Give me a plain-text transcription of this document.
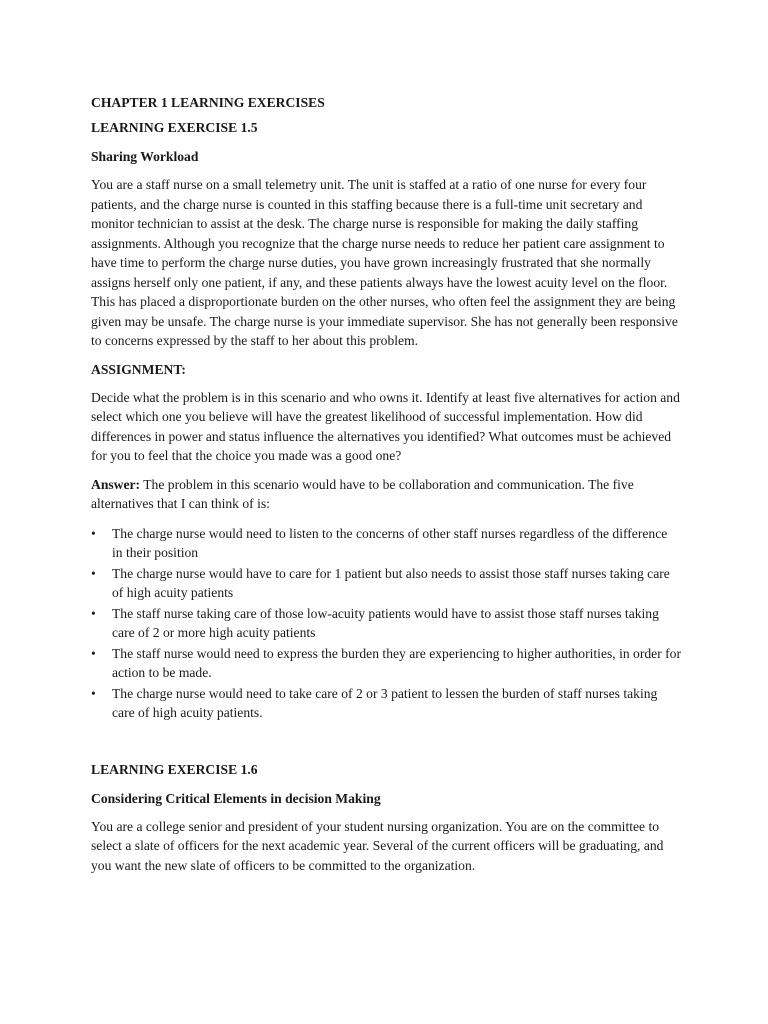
CHAPTER 1 LEARNING EXERCISES

LEARNING EXERCISE 1.5

Sharing Workload

You are a staff nurse on a small telemetry unit. The unit is staffed at a ratio of one nurse for every four patients, and the charge nurse is counted in this staffing because there is a full-time unit secretary and monitor technician to assist at the desk. The charge nurse is responsible for making the daily staffing assignments. Although you recognize that the charge nurse needs to reduce her patient care assignment to have time to perform the charge nurse duties, you have grown increasingly frustrated that she normally assigns herself only one patient, if any, and these patients always have the lowest acuity level on the floor. This has placed a disproportionate burden on the other nurses, who often feel the assignment they are being given may be unsafe. The charge nurse is your immediate supervisor. She has not generally been responsive to concerns expressed by the staff to her about this problem.

ASSIGNMENT:

Decide what the problem is in this scenario and who owns it. Identify at least five alternatives for action and select which one you believe will have the greatest likelihood of successful implementation. How did differences in power and status influence the alternatives you identified? What outcomes must be achieved for you to feel that the choice you made was a good one?

Answer: The problem in this scenario would have to be collaboration and communication. The five alternatives that I can think of is:

•	The charge nurse would need to listen to the concerns of other staff nurses regardless of the difference in their position
•	The charge nurse would have to care for 1 patient but also needs to assist those staff nurses taking care of high acuity patients
•	The staff nurse taking care of those low-acuity patients would have to assist those staff nurses taking care of 2 or more high acuity patients
•	The staff nurse would need to express the burden they are experiencing to higher authorities, in order for action to be made.
•	The charge nurse would need to take care of 2 or 3 patient to lessen the burden of staff nurses taking care of high acuity patients.

LEARNING EXERCISE 1.6

Considering Critical Elements in decision Making

You are a college senior and president of your student nursing organization. You are on the committee to select a slate of officers for the next academic year. Several of the current officers will be graduating, and you want the new slate of officers to be committed to the organization.
